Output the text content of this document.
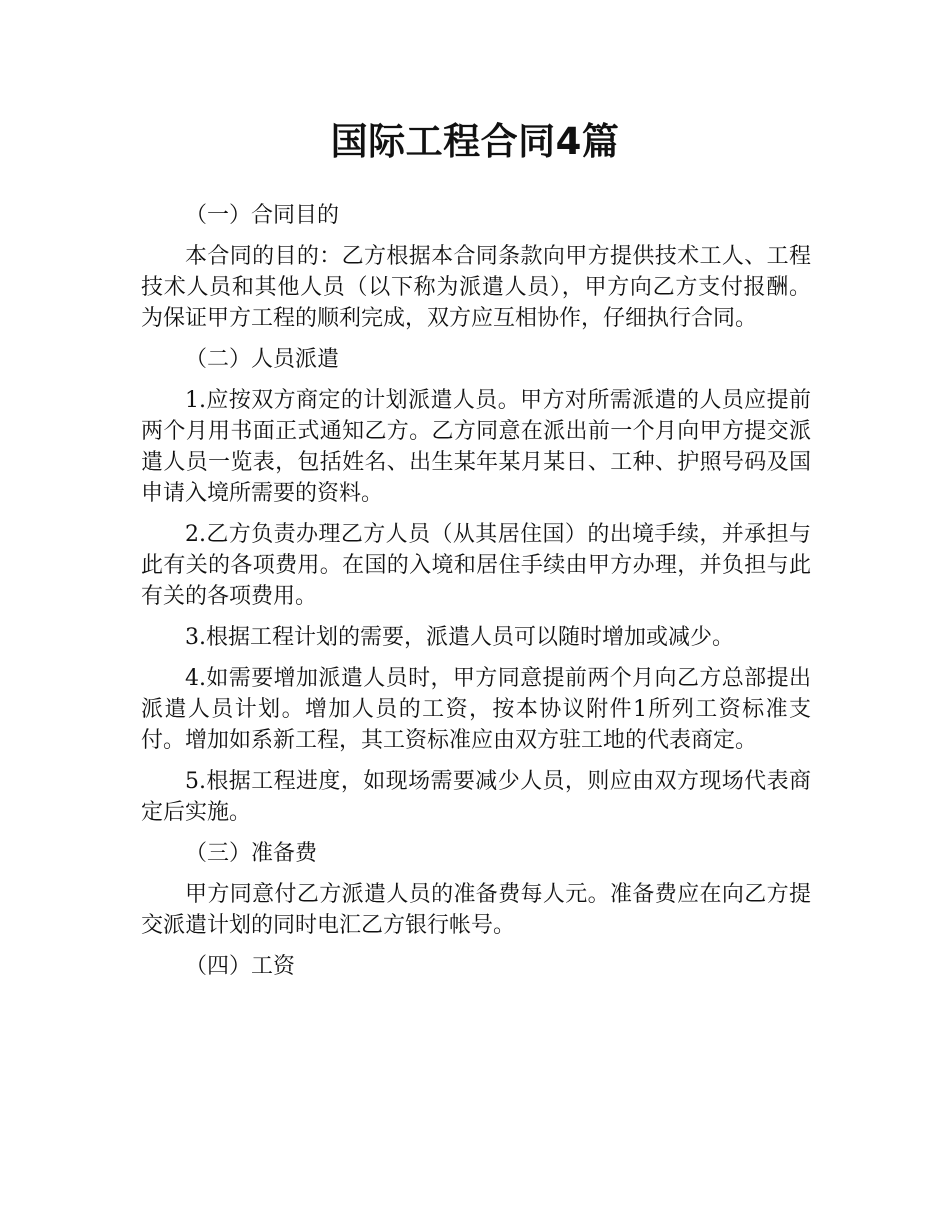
国际工程合同4篇

（一）合同目的

本合同的目的：乙方根据本合同条款向甲方提供技术工人、工程技术人员和其他人员（以下称为派遣人员），甲方向乙方支付报酬。为保证甲方工程的顺利完成，双方应互相协作，仔细执行合同。

（二）人员派遣

1.应按双方商定的计划派遣人员。甲方对所需派遣的人员应提前两个月用书面正式通知乙方。乙方同意在派出前一个月向甲方提交派遣人员一览表，包括姓名、出生某年某月某日、工种、护照号码及国申请入境所需要的资料。

2.乙方负责办理乙方人员（从其居住国）的出境手续，并承担与此有关的各项费用。在国的入境和居住手续由甲方办理，并负担与此有关的各项费用。

3.根据工程计划的需要，派遣人员可以随时增加或减少。

4.如需要增加派遣人员时，甲方同意提前两个月向乙方总部提出派遣人员计划。增加人员的工资，按本协议附件1所列工资标准支付。增加如系新工程，其工资标准应由双方驻工地的代表商定。

5.根据工程进度，如现场需要减少人员，则应由双方现场代表商定后实施。

（三）准备费

甲方同意付乙方派遣人员的准备费每人元。准备费应在向乙方提交派遣计划的同时电汇乙方银行帐号。

（四）工资
